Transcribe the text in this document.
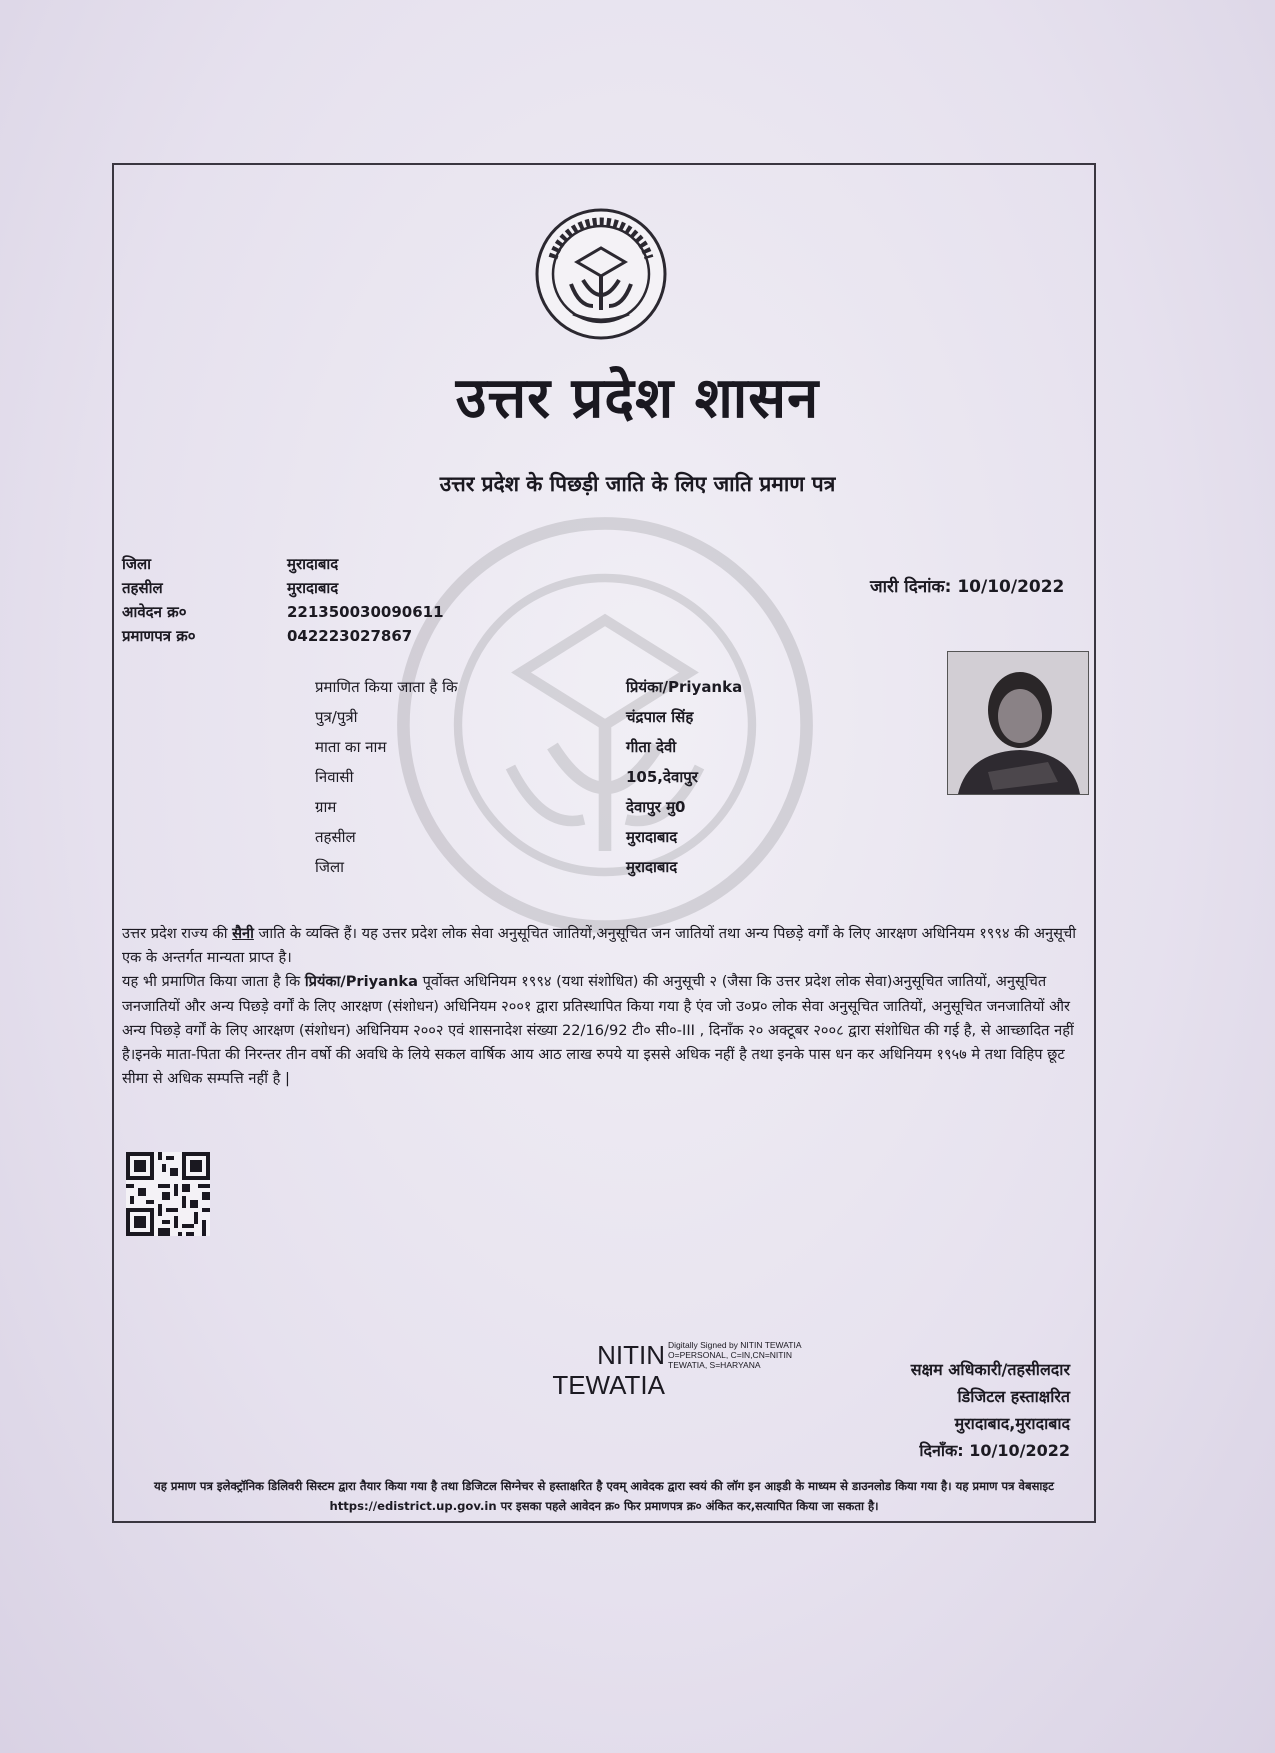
उत्तर प्रदेश शासन
उत्तर प्रदेश के पिछड़ी जाति के लिए जाति प्रमाण पत्र
जिला	मुरादाबाद
तहसील	मुरादाबाद
आवेदन क्र०	221350030090611
प्रमाणपत्र क्र०	042223027867
जारी दिनांक: 10/10/2022
प्रमाणित किया जाता है कि	प्रियंका/Priyanka
पुत्र/पुत्री	चंद्रपाल सिंह
माता का नाम	गीता देवी
निवासी	105,देवापुर
ग्राम	देवापुर मु0
तहसील	मुरादाबाद
जिला	मुरादाबाद

उत्तर प्रदेश राज्य की सैनी जाति के व्यक्ति हैं। यह उत्तर प्रदेश लोक सेवा अनुसूचित जातियों,अनुसूचित जन जातियों तथा अन्य पिछड़े वर्गों के लिए आरक्षण अधिनियम १९९४ की अनुसूची एक के अन्तर्गत मान्यता प्राप्त है।

यह भी प्रमाणित किया जाता है कि प्रियंका/Priyanka पूर्वोक्त अधिनियम १९९४ (यथा संशोधित) की अनुसूची २ (जैसा कि उत्तर प्रदेश लोक सेवा)अनुसूचित जातियों, अनुसूचित जनजातियों और अन्य पिछड़े वर्गों के लिए आरक्षण (संशोधन) अधिनियम २००१ द्वारा प्रतिस्थापित किया गया है एंव जो उ०प्र० लोक सेवा अनुसूचित जातियों, अनुसूचित जनजातियों और अन्य पिछड़े वर्गों के लिए आरक्षण (संशोधन) अधिनियम २००२ एवं शासनादेश संख्या 22/16/92 टी० सी०-III , दिनाँक २० अक्टूबर २००८ द्वारा संशोधित की गई है, से आच्छादित नहीं है।इनके माता-पिता की निरन्तर तीन वर्षो की अवधि के लिये सकल वार्षिक आय आठ लाख रुपये या इससे अधिक नहीं है तथा इनके पास धन कर अधिनियम १९५७ मे तथा विहिप छूट सीमा से अधिक सम्पत्ति नहीं है |

NITIN
TEWATIA
Digitally Signed by NITIN TEWATIA O=PERSONAL, C=IN,CN=NITIN TEWATIA, S=HARYANA	सक्षम अधिकारी/तहसीलदार
डिजिटल हस्ताक्षरित
मुरादाबाद,मुरादाबाद
दिनाँक: 10/10/2022
यह प्रमाण पत्र इलेक्ट्रॉनिक डिलिवरी सिस्टम द्वारा तैयार किया गया है तथा डिजिटल सिग्नेचर से हस्ताक्षरित है एवम् आवेदक द्वारा स्वयं की लॉग इन आइडी के माध्यम से डाउनलोड किया गया है। यह प्रमाण पत्र वेबसाइट https://edistrict.up.gov.in पर इसका पहले आवेदन क्र० फिर प्रमाणपत्र क्र० अंकित कर,सत्यापित किया जा सकता है।
